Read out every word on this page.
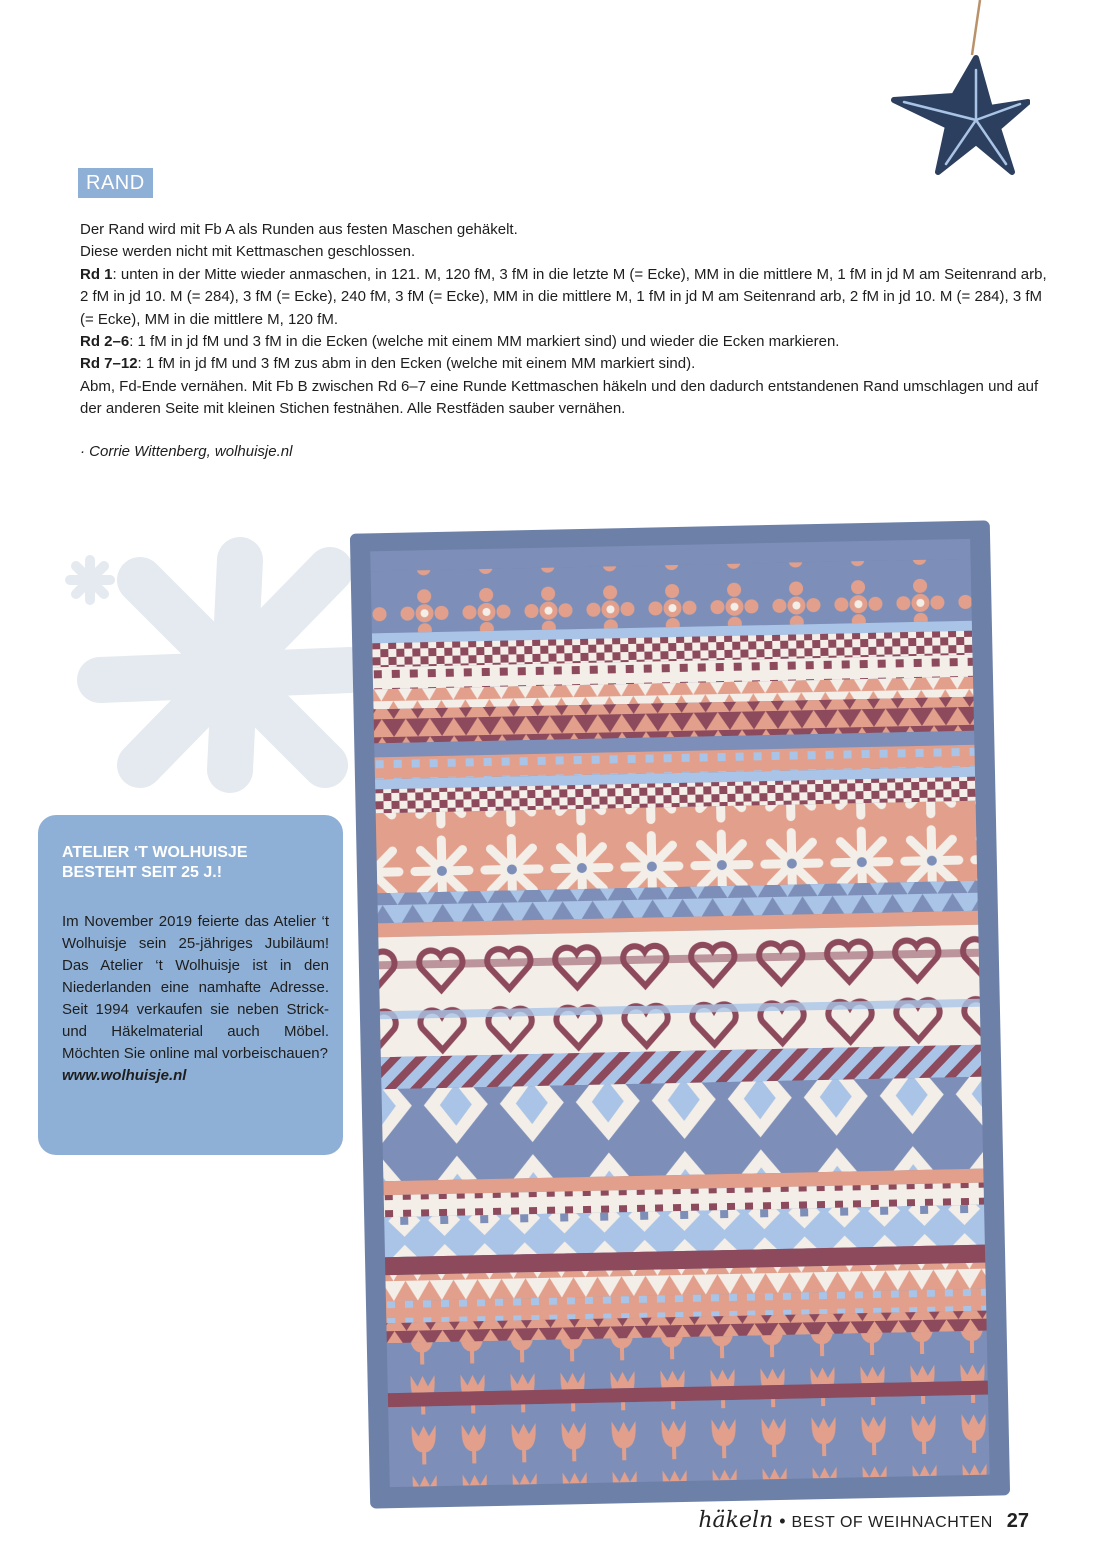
RAND

Der Rand wird mit Fb A als Runden aus festen Maschen gehäkelt.

Diese werden nicht mit Kettmaschen geschlossen.

Rd 1: unten in der Mitte wieder anmaschen, in 121. M, 120 fM, 3 fM in die letzte M (= Ecke), MM in die mittlere M, 1 fM in jd M am Seitenrand arb, 2 fM in jd 10. M (= 284), 3 fM (= Ecke), 240 fM, 3 fM (= Ecke), MM in die mittlere M, 1 fM in jd M am Seitenrand arb, 2 fM in jd 10. M (= 284), 3 fM (= Ecke), MM in die mittlere M, 120 fM.

Rd 2–6: 1 fM in jd fM und 3 fM in die Ecken (welche mit einem MM markiert sind) und wieder die Ecken markieren.

Rd 7–12: 1 fM in jd fM und 3 fM zus abm in den Ecken (welche mit einem MM markiert sind).

Abm, Fd-Ende vernähen. Mit Fb B zwischen Rd 6–7 eine Runde Kettmaschen häkeln und den dadurch entstandenen Rand umschlagen und auf der anderen Seite mit kleinen Stichen festnähen. Alle Restfäden sauber vernähen.

· Corrie Wittenberg, wolhuisje.nl
ATELIER ‘T WOLHUISJE
BESTEHT SEIT 25 J.!

Im November 2019 feierte das Atelier ‘t Wolhuisje sein 25-jähriges Jubiläum! Das Atelier ‘t Wolhuisje ist in den Niederlanden eine namhafte Adresse. Seit 1994 verkaufen sie neben Strick- und Häkelmaterial auch Möbel. Möchten Sie online mal vorbeischauen?
www.wolhuisje.nl

häkeln • BEST OF WEIHNACHTEN 27
